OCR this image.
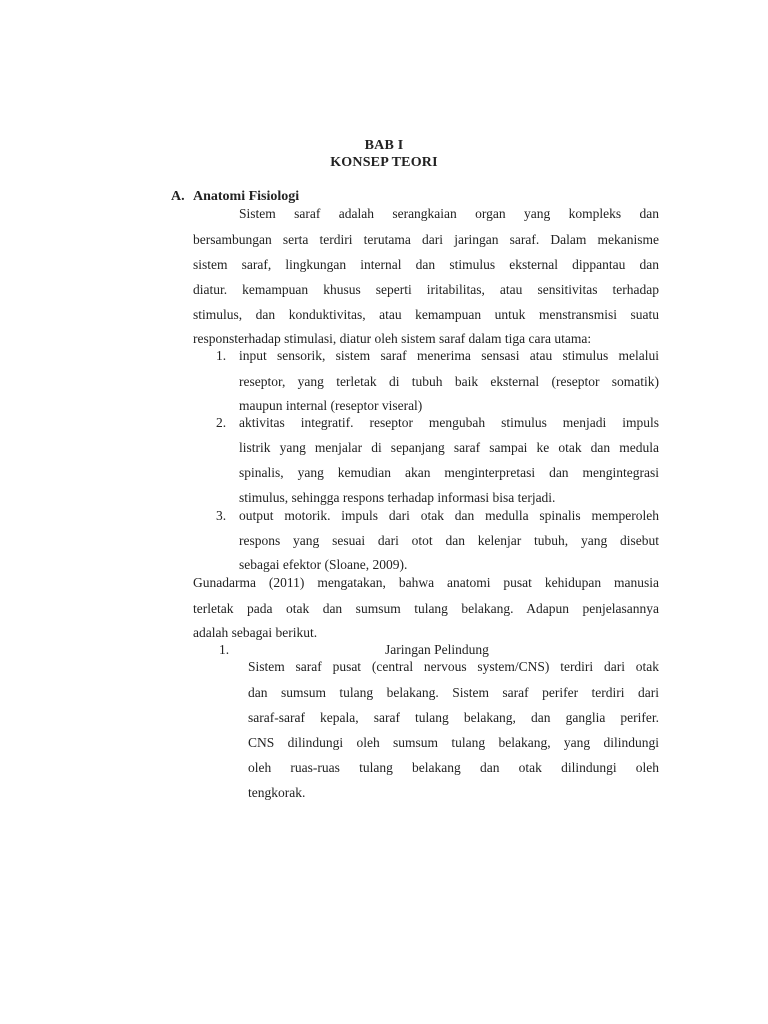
BAB I
KONSEP TEORI
A. Anatomi Fisiologi
Sistem saraf adalah serangkaian organ yang kompleks dan
bersambungan serta terdiri terutama dari jaringan saraf. Dalam mekanisme
sistem saraf, lingkungan internal dan stimulus eksternal dippantau dan
diatur. kemampuan khusus seperti iritabilitas, atau sensitivitas terhadap
stimulus, dan konduktivitas, atau kemampuan untuk menstransmisi suatu
responsterhadap stimulasi, diatur oleh sistem saraf dalam tiga cara utama:
1. input sensorik, sistem saraf menerima sensasi atau stimulus melalui
reseptor, yang terletak di tubuh baik eksternal (reseptor somatik)
maupun internal (reseptor viseral)
2. aktivitas integratif. reseptor mengubah stimulus menjadi impuls
listrik yang menjalar di sepanjang saraf sampai ke otak dan medula
spinalis, yang kemudian akan menginterpretasi dan mengintegrasi
stimulus, sehingga respons terhadap informasi bisa terjadi.
3. output motorik. impuls dari otak dan medulla spinalis memperoleh
respons yang sesuai dari otot dan kelenjar tubuh, yang disebut
sebagai efektor (Sloane, 2009).
Gunadarma (2011) mengatakan, bahwa anatomi pusat kehidupan manusia
terletak pada otak dan sumsum tulang belakang. Adapun penjelasannya
adalah sebagai berikut.
1.	Jaringan Pelindung
Sistem saraf pusat (central nervous system/CNS) terdiri dari otak
dan sumsum tulang belakang. Sistem saraf perifer terdiri dari
saraf-saraf kepala, saraf tulang belakang, dan ganglia perifer.
CNS dilindungi oleh sumsum tulang belakang, yang dilindungi
oleh ruas-ruas tulang belakang dan otak dilindungi oleh
tengkorak.
